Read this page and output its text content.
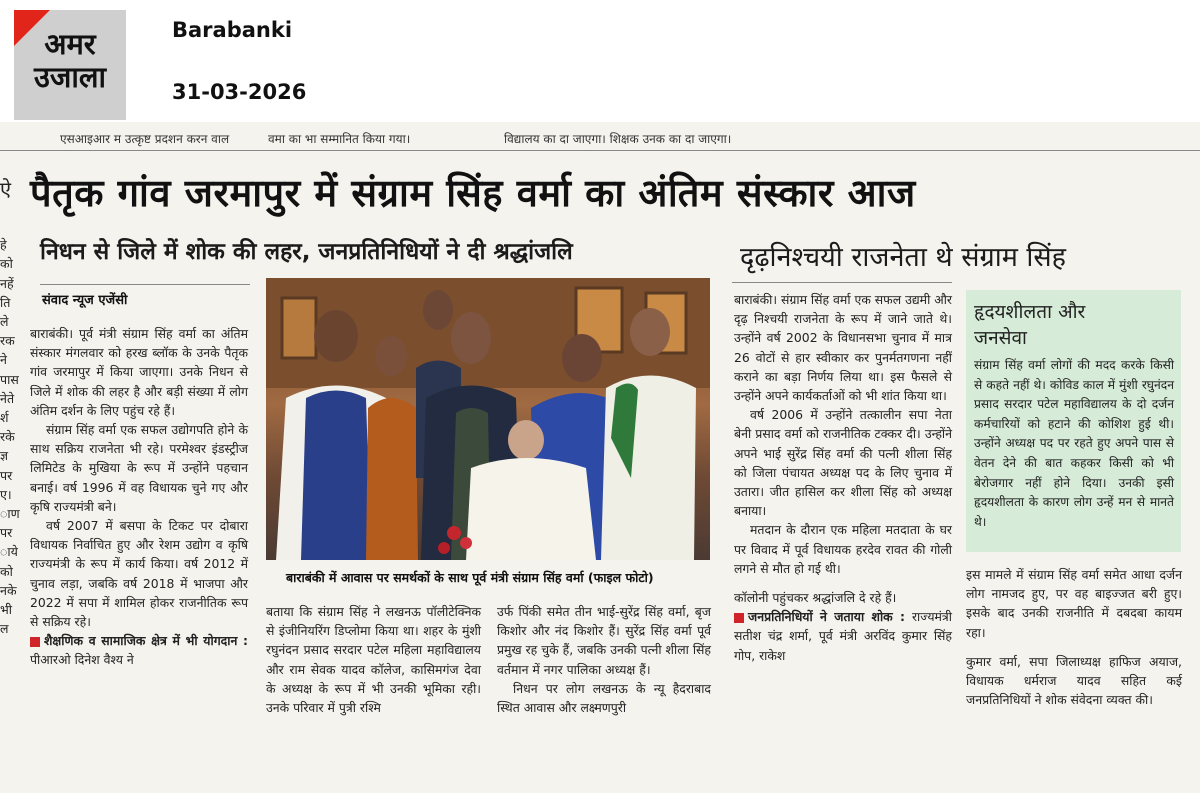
अमर
उजाला
Barabanki
31-03-2026
एसआइआर म उत्कृष्ट प्रदशन करन वाल	वमा का भा सम्मानित किया गया।	विद्यालय का दा जाएगा। शिक्षक उनक का दा जाएगा।
पैतृक गांव जरमापुर में संग्राम सिंह वर्मा का अंतिम संस्कार आज
निधन से जिले में शोक की लहर, जनप्रतिनिधियों ने दी श्रद्धांजलि	दृढ़निश्चयी राजनेता थे संग्राम सिंह
ऐ
हे
को
नहें
ति
ले
रक
ने
पास
नेते
र्श
रके
ज्ञ
पर
ए।
ाण
पर
ाये
को
नके
भी
ल
संवाद न्यूज एजेंसी

बाराबंकी। पूर्व मंत्री संग्राम सिंह वर्मा का अंतिम संस्कार मंगलवार को हरख ब्लॉक के उनके पैतृक गांव जरमापुर में किया जाएगा। उनके निधन से जिले में शोक की लहर है और बड़ी संख्या में लोग अंतिम दर्शन के लिए पहुंच रहे हैं।

संग्राम सिंह वर्मा एक सफल उद्योगपति होने के साथ सक्रिय राजनेता भी रहे। परमेश्वर इंडस्ट्रीज लिमिटेड के मुखिया के रूप में उन्होंने पहचान बनाई। वर्ष 1996 में वह विधायक चुने गए और कृषि राज्यमंत्री बने।

वर्ष 2007 में बसपा के टिकट पर दोबारा विधायक निर्वाचित हुए और रेशम उद्योग व कृषि राज्यमंत्री के रूप में कार्य किया। वर्ष 2012 में चुनाव लड़ा, जबकि वर्ष 2018 में भाजपा और 2022 में सपा में शामिल होकर राजनीतिक रूप से सक्रिय रहे।

शैक्षणिक व सामाजिक क्षेत्र में भी योगदान : पीआरओ दिनेश वैश्य ने

बाराबंकी में आवास पर समर्थकों के साथ पूर्व मंत्री संग्राम सिंह वर्मा (फाइल फोटो)

बताया कि संग्राम सिंह ने लखनऊ पॉलीटेक्निक से इंजीनियरिंग डिप्लोमा किया था। शहर के मुंशी रघुनंदन प्रसाद सरदार पटेल महिला महाविद्यालय और राम सेवक यादव कॉलेज, कासिमगंज देवा के अध्यक्ष के रूप में भी उनकी भूमिका रही। उनके परिवार में पुत्री रश्मि

उर्फ पिंकी समेत तीन भाई-सुरेंद्र सिंह वर्मा, बृज किशोर और नंद किशोर हैं। सुरेंद्र सिंह वर्मा पूर्व प्रमुख रह चुके हैं, जबकि उनकी पत्नी शीला सिंह वर्तमान में नगर पालिका अध्यक्ष हैं।

निधन पर लोग लखनऊ के न्यू हैदराबाद स्थित आवास और लक्ष्मणपुरी

बाराबंकी। संग्राम सिंह वर्मा एक सफल उद्यमी और दृढ़ निश्चयी राजनेता के रूप में जाने जाते थे। उन्होंने वर्ष 2002 के विधानसभा चुनाव में मात्र 26 वोटों से हार स्वीकार कर पुनर्मतगणना नहीं कराने का बड़ा निर्णय लिया था। इस फैसले से उन्होंने अपने कार्यकर्ताओं को भी शांत किया था।

वर्ष 2006 में उन्होंने तत्कालीन सपा नेता बेनी प्रसाद वर्मा को राजनीतिक टक्कर दी। उन्होंने अपने भाई सुरेंद्र सिंह वर्मा की पत्नी शीला सिंह को जिला पंचायत अध्यक्ष पद के लिए चुनाव में उतारा। जीत हासिल कर शीला सिंह को अध्यक्ष बनाया।

मतदान के दौरान एक महिला मतदाता के घर पर विवाद में पूर्व विधायक हरदेव रावत की गोली लगने से मौत हो गई थी।

कॉलोनी पहुंचकर श्रद्धांजलि दे रहे हैं।

जनप्रतिनिधियों ने जताया शोक : राज्यमंत्री सतीश चंद्र शर्मा, पूर्व मंत्री अरविंद कुमार सिंह गोप, राकेश

हृदयशीलता और
जनसेवा
संग्राम सिंह वर्मा लोगों की मदद करके किसी से कहते नहीं थे। कोविड काल में मुंशी रघुनंदन प्रसाद सरदार पटेल महाविद्यालय के दो दर्जन कर्मचारियों को हटाने की कोशिश हुई थी। उन्होंने अध्यक्ष पद पर रहते हुए अपने पास से वेतन देने की बात कहकर किसी को भी बेरोजगार नहीं होने दिया। उनकी इसी हृदयशीलता के कारण लोग उन्हें मन से मानते थे।

इस मामले में संग्राम सिंह वर्मा समेत आधा दर्जन लोग नामजद हुए, पर वह बाइज्जत बरी हुए। इसके बाद उनकी राजनीति में दबदबा कायम रहा।

कुमार वर्मा, सपा जिलाध्यक्ष हाफिज अयाज, विधायक धर्मराज यादव सहित कई जनप्रतिनिधियों ने शोक संवेदना व्यक्त की।
